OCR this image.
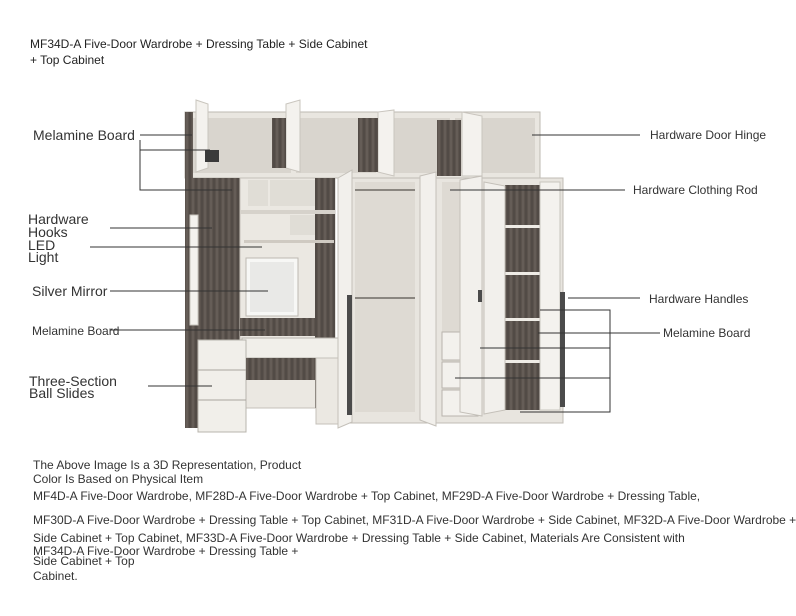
MF34D-A Five-Door Wardrobe + Dressing Table + Side Cabinet
+ Top Cabinet
Melamine Board
Hardware
Hooks
LED
Light
Silver Mirror
Melamine Board
Three-Section
Ball Slides
Hardware Door Hinge
Hardware Clothing Rod
Hardware Handles
Melamine Board
The Above Image Is a 3D Representation, Product
Color Is Based on Physical Item
MF4D-A Five-Door Wardrobe, MF28D-A Five-Door Wardrobe + Top Cabinet, MF29D-A Five-Door Wardrobe + Dressing Table,
MF30D-A Five-Door Wardrobe + Dressing Table + Top Cabinet, MF31D-A Five-Door Wardrobe + Side Cabinet, MF32D-A Five-Door Wardrobe +
Side Cabinet + Top Cabinet, MF33D-A Five-Door Wardrobe + Dressing Table + Side Cabinet, Materials Are Consistent with
MF34D-A Five-Door Wardrobe + Dressing Table +
Side Cabinet + Top
Cabinet.
